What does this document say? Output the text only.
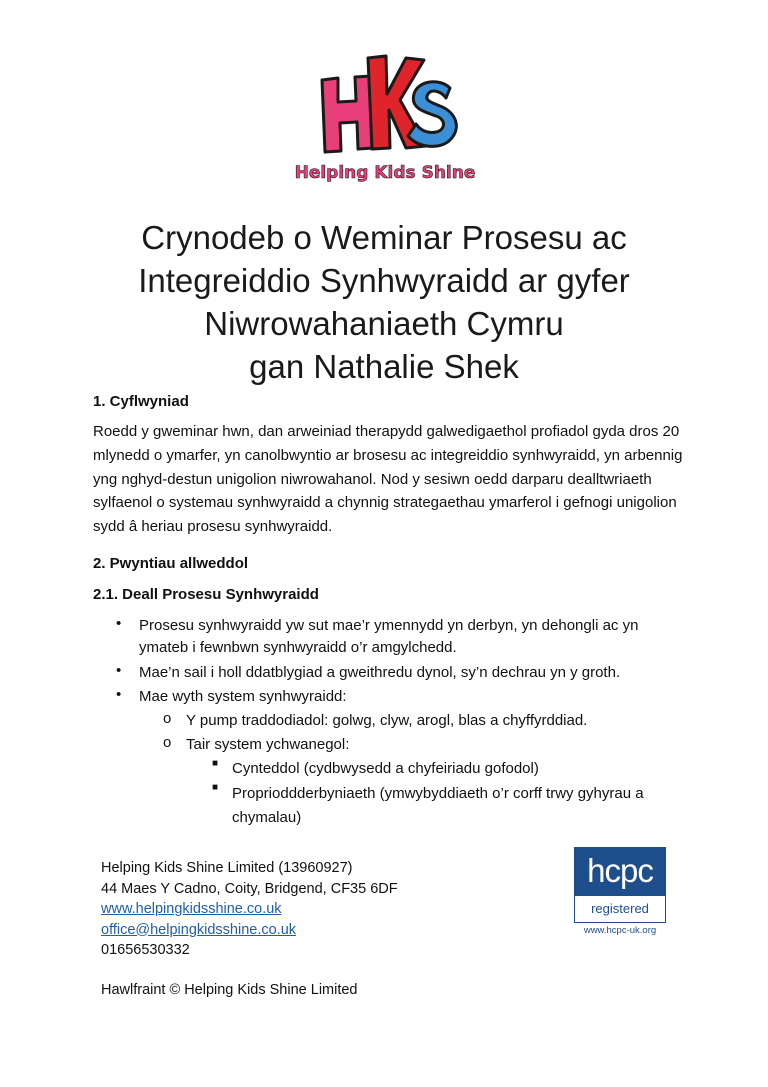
Helping Kids Shine
Crynodeb o Weminar Prosesu ac
Integreiddio Synhwyraidd ar gyfer
Niwrowahaniaeth Cymru
gan Nathalie Shek
1. Cyflwyniad
Roedd y gweminar hwn, dan arweiniad therapydd galwedigaethol profiadol gyda dros 20 mlynedd o ymarfer, yn canolbwyntio ar brosesu ac integreiddio synhwyraidd, yn arbennig yng nghyd-destun unigolion niwrowahanol. Nod y sesiwn oedd darparu dealltwriaeth sylfaenol o systemau synhwyraidd a chynnig strategaethau ymarferol i gefnogi unigolion sydd â heriau prosesu synhwyraidd.
2. Pwyntiau allweddol
2.1. Deall Prosesu Synhwyraidd
• Prosesu synhwyraidd yw sut mae’r ymennydd yn derbyn, yn dehongli ac yn ymateb i fewnbwn synhwyraidd o’r amgylchedd.
• Mae’n sail i holl ddatblygiad a gweithredu dynol, sy’n dechrau yn y groth.
• Mae wyth system synhwyraidd:
o Y pump traddodiadol: golwg, clyw, arogl, blas a chyffyrddiad.
o Tair system ychwanegol:
■ Cynteddol (cydbwysedd a chyfeiriadu gofodol)
■ Proprioddderbyniaeth (ymwybyddiaeth o’r corff trwy gyhyrau a chymalau)
Helping Kids Shine Limited (13960927)
44 Maes Y Cadno, Coity, Bridgend, CF35 6DF
www.helpingkidsshine.co.uk
office@helpingkidsshine.co.uk
01656530332
Hawlfraint © Helping Kids Shine Limited
hcpc
registered
www.hcpc-uk.org
